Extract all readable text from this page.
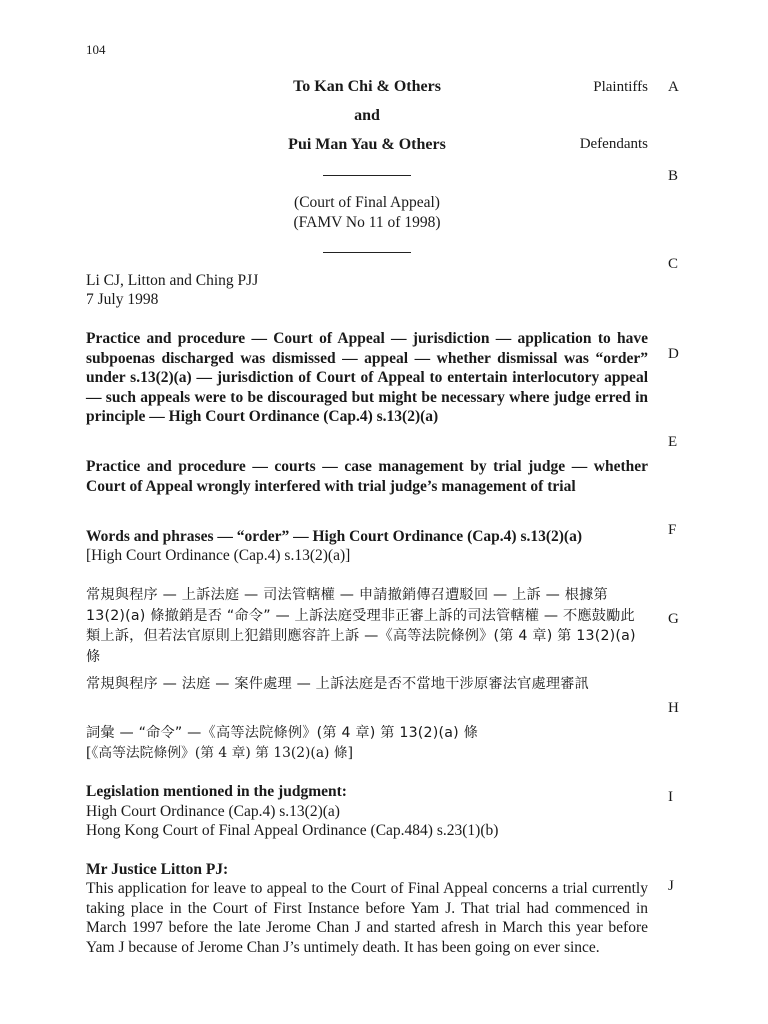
104
To Kan Chi & Others	Plaintiffs
and
Pui Man Yau & Others	Defendants
(Court of Final Appeal)
(FAMV No 11 of 1998)
Li CJ, Litton and Ching PJJ
7 July 1998
Practice and procedure — Court of Appeal — jurisdiction — application to have subpoenas discharged was dismissed — appeal — whether dismissal was “order” under s.13(2)(a) — jurisdiction of Court of Appeal to entertain interlocutory appeal — such appeals were to be discouraged but might be necessary where judge erred in principle — High Court Ordinance (Cap.4) s.13(2)(a)
Practice and procedure — courts — case management by trial judge — whether Court of Appeal wrongly interfered with trial judge’s management of trial
Words and phrases — “order” — High Court Ordinance (Cap.4) s.13(2)(a)
[High Court Ordinance (Cap.4) s.13(2)(a)]
常規與程序 — 上訴法庭 — 司法管轄權 — 申請撤銷傳召遭駁回 — 上訴 — 根據第 13(2)(a) 條撤銷是否 “命令” — 上訴法庭受理非正審上訴的司法管轄權 — 不應鼓勵此類上訴，但若法官原則上犯錯則應容許上訴 —《高等法院條例》(第 4 章) 第 13(2)(a) 條
常規與程序 — 法庭 — 案件處理 — 上訴法庭是否不當地干涉原審法官處理審訊
詞彙 — “命令” —《高等法院條例》(第 4 章) 第 13(2)(a) 條
[《高等法院條例》(第 4 章) 第 13(2)(a) 條]
Legislation mentioned in the judgment:
High Court Ordinance (Cap.4) s.13(2)(a)
Hong Kong Court of Final Appeal Ordinance (Cap.484) s.23(1)(b)
Mr Justice Litton PJ:
This application for leave to appeal to the Court of Final Appeal concerns a trial currently taking place in the Court of First Instance before Yam J. That trial had commenced in March 1997 before the late Jerome Chan J and started afresh in March this year before Yam J because of Jerome Chan J’s untimely death. It has been going on ever since.
A
B
C
D
E
F
G
H
I
J
